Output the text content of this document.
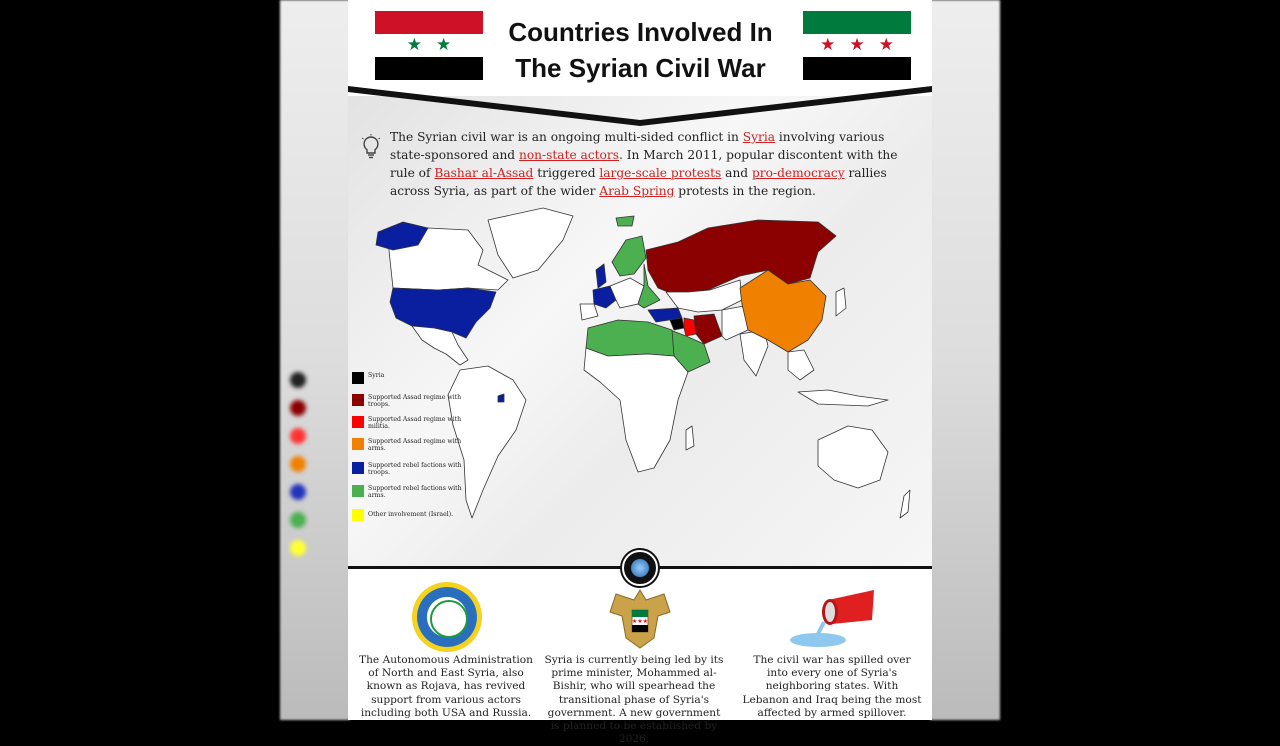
★ ★	Countries Involved In
The Syrian Civil War
★ ★ ★
The Syrian civil war is an ongoing multi-sided conflict in Syria involving various state-sponsored and non-state actors. In March 2011, popular discontent with the rule of Bashar al-Assad triggered large-scale protests and pro-democracy rallies across Syria, as part of the wider Arab Spring protests in the region.
Syria
Supported Assad regime with troops.
Supported Assad regime with militia.
Supported Assad regime with arms.
Supported rebel factions with troops.
Supported rebel factions with arms.
Other involvement (Israel).
★★★
The Autonomous Administration of North and East Syria, also known as Rojava, has revived support from various actors including both USA and Russia.
Syria is currently being led by its prime minister, Mohammed al-Bishir, who will spearhead the transitional phase of Syria's government. A new government is planned to be established by 2026.
The civil war has spilled over into every one of Syria's neighboring states. With Lebanon and Iraq being the most affected by armed spillover.
